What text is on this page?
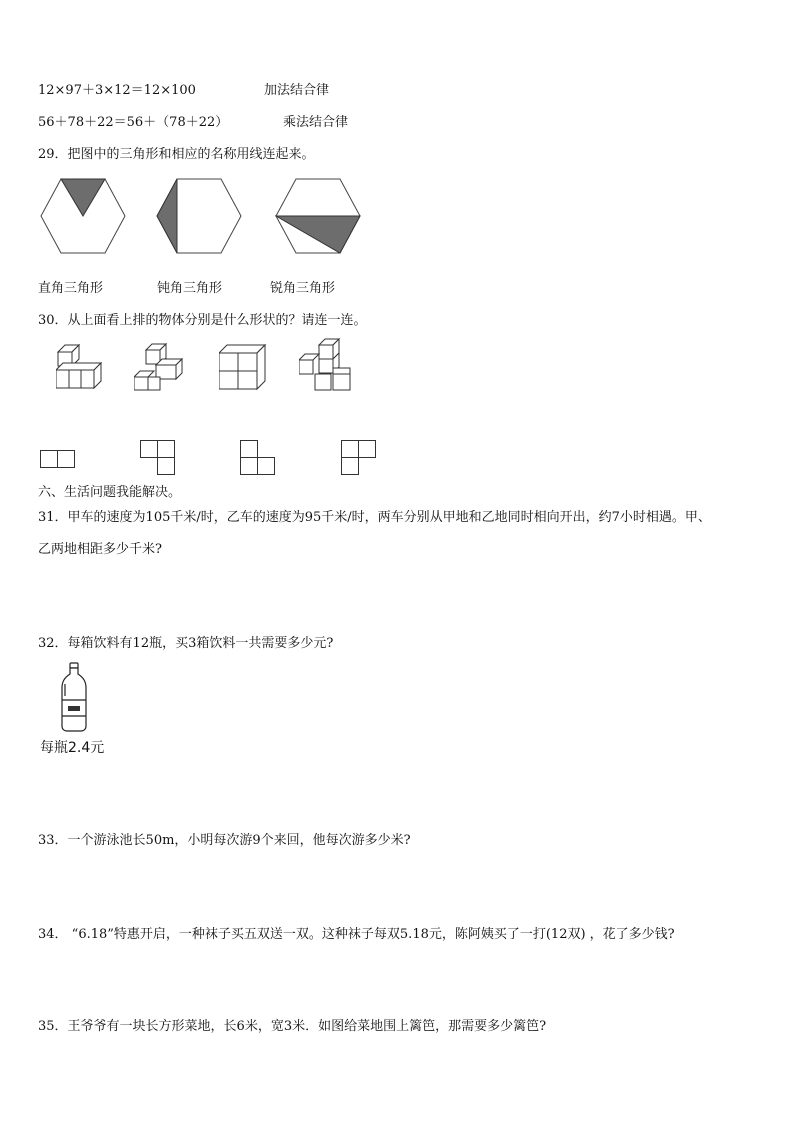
12×97＋3×12＝12×100	加法结合律
56＋78＋22＝56＋（78＋22）	乘法结合律
29．把图中的三角形和相应的名称用线连起来。
直角三角形	钝角三角形	锐角三角形
30．从上面看上排的物体分别是什么形状的？请连一连。
六、生活问题我能解决。
31．甲车的速度为105千米/时，乙车的速度为95千米/时，两车分别从甲地和乙地同时相向开出，约7小时相遇。甲、
乙两地相距多少千米?
32．每箱饮料有12瓶，买3箱饮料一共需要多少元?
每瓶2.4元
33．一个游泳池长50m，小明每次游9个来回，他每次游多少米?
34． “6.18”特惠开启，一种袜子买五双送一双。这种袜子每双5.18元，陈阿姨买了一打(12双) ，花了多少钱?
35．王爷爷有一块长方形菜地，长6米，宽3米．如图给菜地围上篱笆，那需要多少篱笆?
